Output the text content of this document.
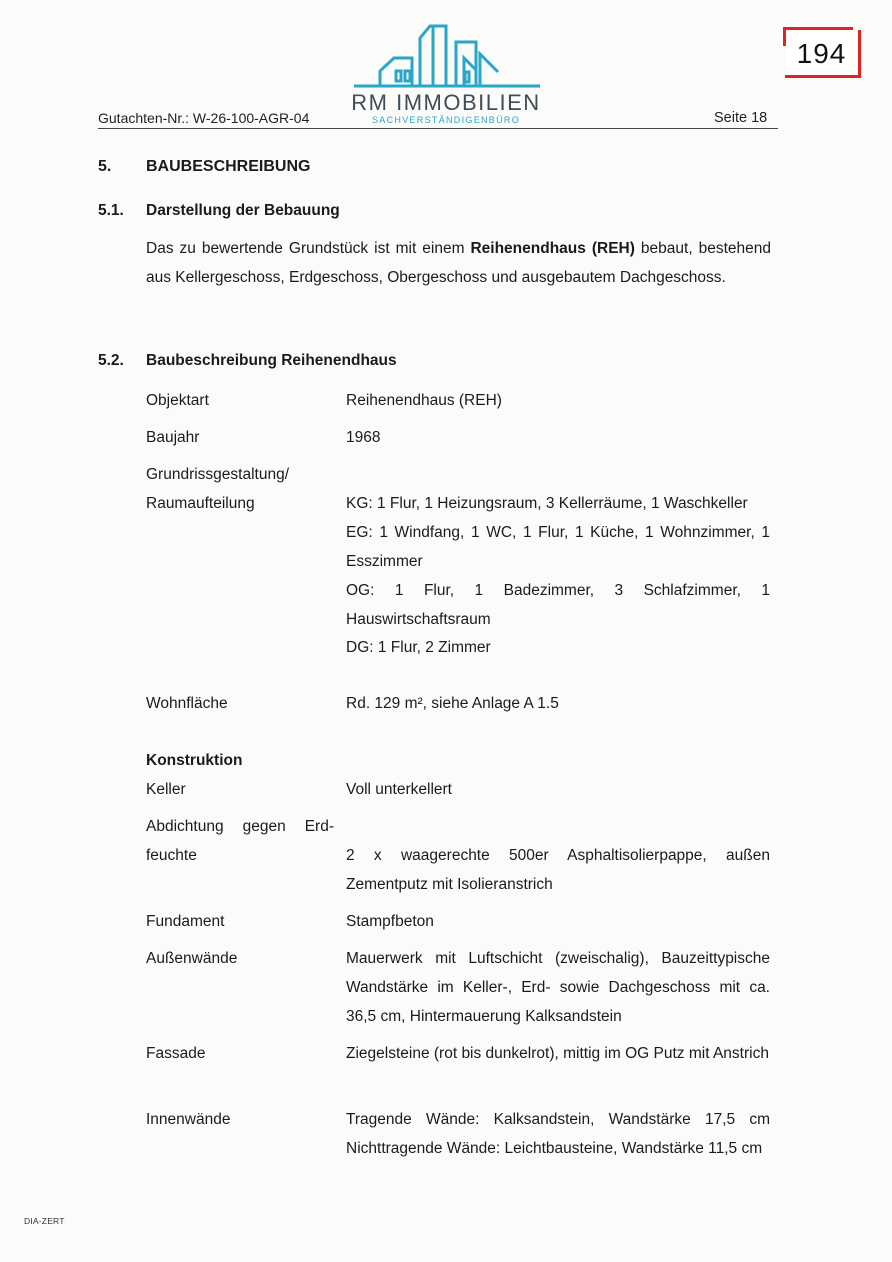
194
RM IMMOBILIEN
SACHVERSTÄNDIGENBÜRO
Gutachten-Nr.: W-26-100-AGR-04	Seite 18
5. BAUBESCHREIBUNG
5.1. Darstellung der Bebauung
Das zu bewertende Grundstück ist mit einem Reihenendhaus (REH) bebaut, bestehend aus Kellergeschoss, Erdgeschoss, Obergeschoss und ausgebautem Dachgeschoss.
5.2. Baubeschreibung Reihenendhaus
Objektart	Reihenendhaus (REH)
Baujahr	1968
Grundrissgestaltung/
Raumaufteilung	KG: 1 Flur, 1 Heizungsraum, 3 Kellerräume, 1 Waschkeller
EG: 1 Windfang, 1 WC, 1 Flur, 1 Küche, 1 Wohnzimmer, 1 Esszimmer
OG: 1 Flur, 1 Badezimmer, 3 Schlafzimmer, 1 Hauswirtschaftsraum
DG: 1 Flur, 2 Zimmer
Wohnfläche	Rd. 129 m², siehe Anlage A 1.5
Konstruktion
Keller	Voll unterkellert
Abdichtung gegen Erd-
feuchte	2 x waagerechte 500er Asphaltisolierpappe, außen Zementputz mit Isolieranstrich
Fundament	Stampfbeton
Außenwände	Mauerwerk mit Luftschicht (zweischalig), Bauzeittypische Wandstärke im Keller-, Erd- sowie Dachgeschoss mit ca. 36,5 cm, Hintermauerung Kalksandstein
Fassade	Ziegelsteine (rot bis dunkelrot), mittig im OG Putz mit Anstrich
Innenwände	Tragende Wände: Kalksandstein, Wandstärke 17,5 cm
Nichttragende Wände: Leichtbausteine, Wandstärke 11,5 cm
DIA-ZERT
